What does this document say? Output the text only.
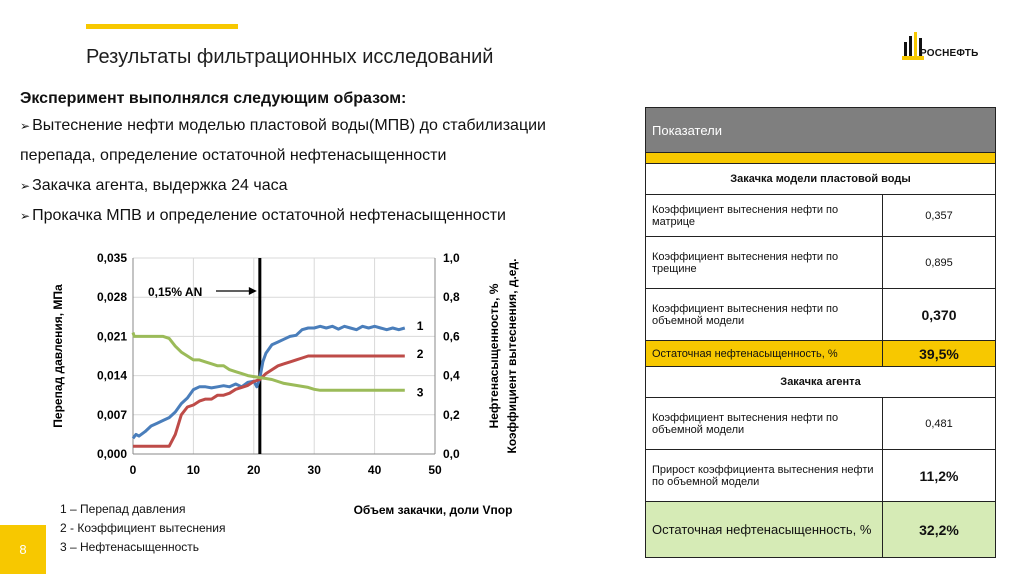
Результаты фильтрационных исследований	РОСНЕФТЬ
Эксперимент выполнялся следующим образом:
➢ Вытеснение нефти моделью пластовой воды(МПВ) до стабилизации
перепада, определение остаточной нефтенасыщенности
➢ Закачка агента, выдержка 24 часа
➢ Прокачка МПВ и определение остаточной нефтенасыщенности
0,000
0,007
0,014
0,021
0,028
0,035
0,0
0,2
0,4
0,6
0,8
1,0
0	10	20	30	40	50
Перепад давления, МПа	Нефтенасыщенность, % Коэффициент вытеснения, д.ед.
Объем закачки, доли Vпор
0,15% AN
1
2
3
1 – Перепад давления
2 - Коэффициент вытеснения
3 – Нефтенасыщенность
8
Показатели	

Закачка модели пластовой воды	
Коэффициент вытеснения нефти по матрице	0,357
Коэффициент вытеснения нефти по трещине	0,895
Коэффициент вытеснения нефти по объемной модели	0,370
Остаточная нефтенасыщенность, %	39,5%
Закачка агента	
Коэффициент вытеснения нефти по объемной модели	0,481
Прирост коэффициента вытеснения нефти по объемной модели	11,2%
Остаточная нефтенасыщенность, %	32,2%
